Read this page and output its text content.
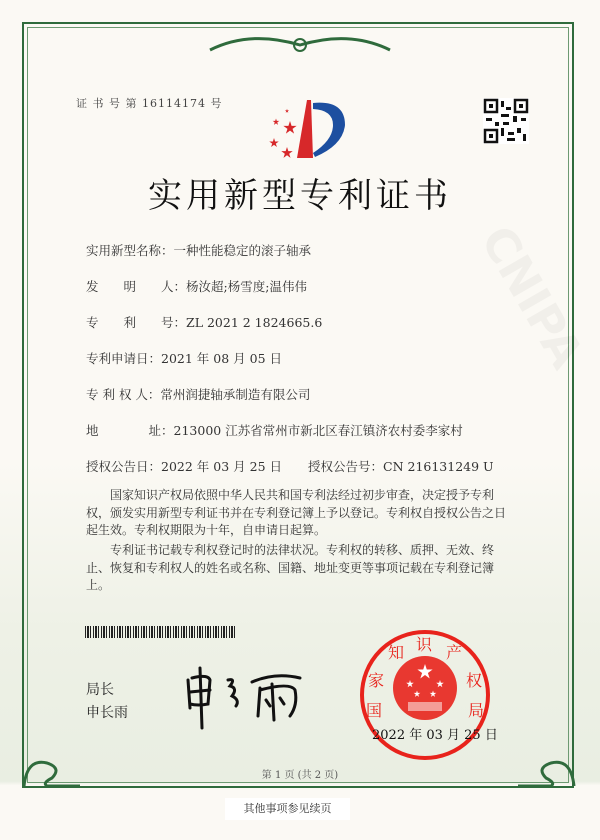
证 书 号 第 16114174 号
实用新型专利证书
实用新型名称：一种性能稳定的滚子轴承
发　　明　　人：杨汝超;杨雪度;温伟伟
专　　利　　号：ZL 2021 2 1824665.6
专利申请日：2021 年 08 月 05 日
专 利 权 人：常州润捷轴承制造有限公司
地　　　　址：213000 江苏省常州市新北区春江镇济农村委李家村
授权公告日：2022 年 03 月 25 日 授权公告号：CN 216131249 U
国家知识产权局依照中华人民共和国专利法经过初步审查，决定授予专利权，颁发实用新型专利证书并在专利登记簿上予以登记。专利权自授权公告之日起生效。专利权期限为十年，自申请日起算。
专利证书记载专利权登记时的法律状况。专利权的转移、质押、无效、终止、恢复和专利权人的姓名或名称、国籍、地址变更等事项记载在专利登记簿上。
局长
申长雨	国
家
知 识 产
权
局
2022 年 03 月 25 日
第 1 页 (共 2 页)
其他事项参见续页
